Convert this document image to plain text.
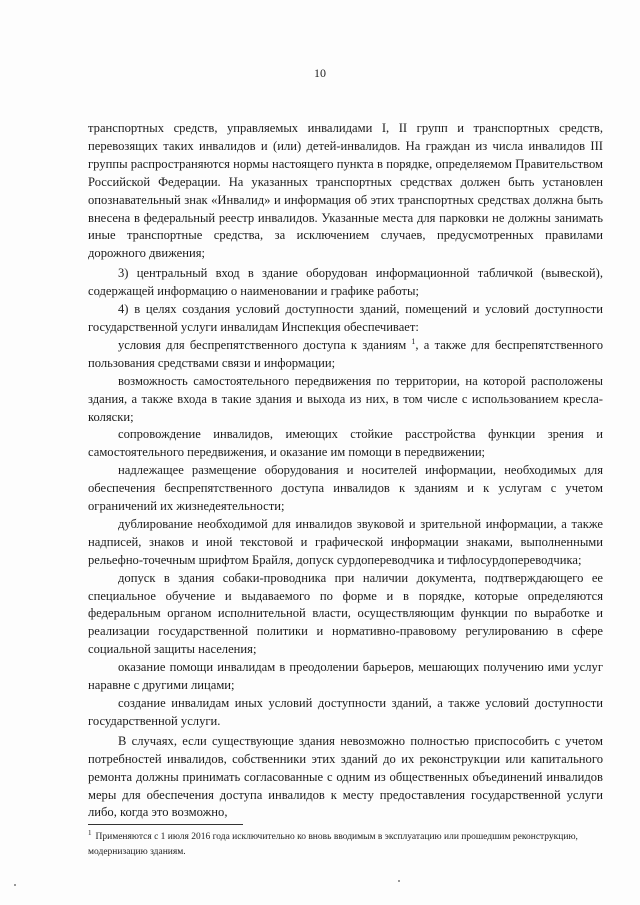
10

транспортных средств, управляемых инвалидами I, II групп и транспортных средств, перевозящих таких инвалидов и (или) детей-инвалидов. На граждан из числа инвалидов III группы распространяются нормы настоящего пункта в порядке, определяемом Правительством Российской Федерации. На указанных транспортных средствах должен быть установлен опознавательный знак «Инвалид» и информация об этих транспортных средствах должна быть внесена в федеральный реестр инвалидов. Указанные места для парковки не должны занимать иные транспортные средства, за исключением случаев, предусмотренных правилами дорожного движения;

3) центральный вход в здание оборудован информационной табличкой (вывеской), содержащей информацию о наименовании и графике работы;

4) в целях создания условий доступности зданий, помещений и условий доступности государственной услуги инвалидам Инспекция обеспечивает:

условия для беспрепятственного доступа к зданиям $^1$, а также для беспрепятственного пользования средствами связи и информации;

возможность самостоятельного передвижения по территории, на которой расположены здания, а также входа в такие здания и выхода из них, в том числе с использованием кресла-коляски;

сопровождение инвалидов, имеющих стойкие расстройства функции зрения и самостоятельного передвижения, и оказание им помощи в передвижении;

надлежащее размещение оборудования и носителей информации, необходимых для обеспечения беспрепятственного доступа инвалидов к зданиям и к услугам с учетом ограничений их жизнедеятельности;

дублирование необходимой для инвалидов звуковой и зрительной информации, а также надписей, знаков и иной текстовой и графической информации знаками, выполненными рельефно-точечным шрифтом Брайля, допуск сурдопереводчика и тифлосурдопереводчика;

допуск в здания собаки-проводника при наличии документа, подтверждающего ее специальное обучение и выдаваемого по форме и в порядке, которые определяются федеральным органом исполнительной власти, осуществляющим функции по выработке и реализации государственной политики и нормативно-правовому регулированию в сфере социальной защиты населения;

оказание помощи инвалидам в преодолении барьеров, мешающих получению ими услуг наравне с другими лицами;

создание инвалидам иных условий доступности зданий, а также условий доступности государственной услуги.

В случаях, если существующие здания невозможно полностью приспособить с учетом потребностей инвалидов, собственники этих зданий до их реконструкции или капитального ремонта должны принимать согласованные с одним из общественных объединений инвалидов меры для обеспечения доступа инвалидов к месту предоставления государственной услуги либо, когда это возможно,

$^1$ Применяются с 1 июля 2016 года исключительно ко вновь вводимым в эксплуатацию или прошедшим реконструкцию, модернизацию зданиям.
